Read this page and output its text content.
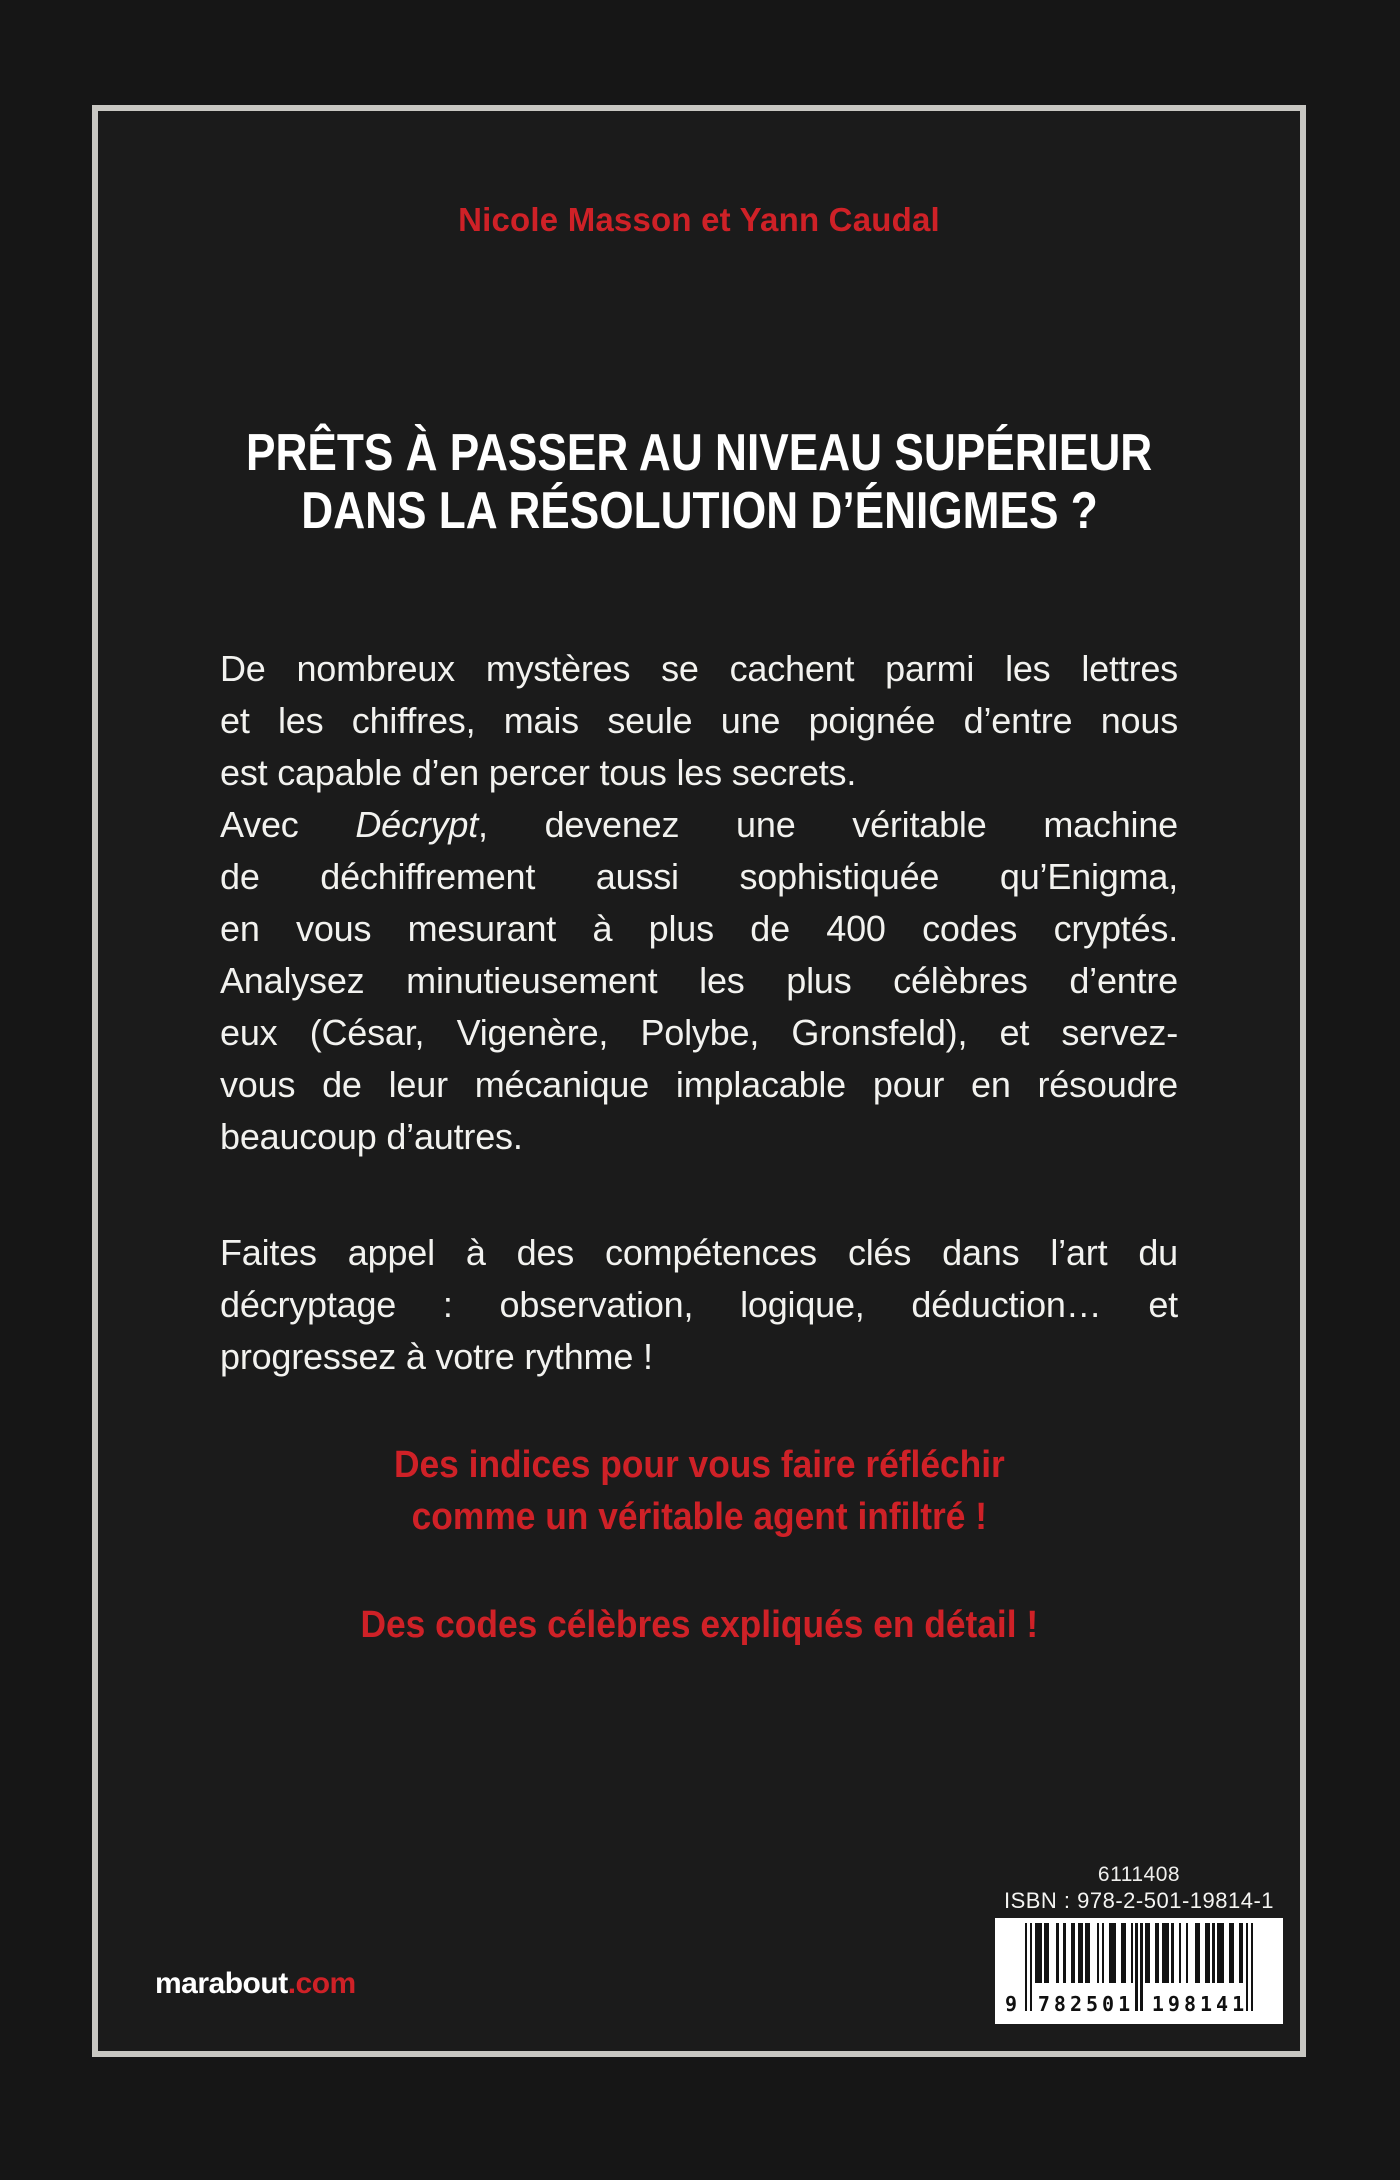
Nicole Masson et Yann Caudal
PRÊTS À PASSER AU NIVEAU SUPÉRIEUR
DANS LA RÉSOLUTION D’ÉNIGMES ?
De nombreux mystères se cachent parmi les lettres
et les chiffres, mais seule une poignée d’entre nous
est capable d’en percer tous les secrets.
Avec Décrypt, devenez une véritable machine
de déchiffrement aussi sophistiquée qu’Enigma,
en vous mesurant à plus de 400 codes cryptés.
Analysez minutieusement les plus célèbres d’entre
eux (César, Vigenère, Polybe, Gronsfeld), et servez-
vous de leur mécanique implacable pour en résoudre
beaucoup d’autres.
Faites appel à des compétences clés dans l’art du
décryptage : observation, logique, déduction… et
progressez à votre rythme !
Des indices pour vous faire réfléchir
comme un véritable agent infiltré !
Des codes célèbres expliqués en détail !
marabout.com
6111408
ISBN : 978-2-501-19814-1
9	782501 198141
